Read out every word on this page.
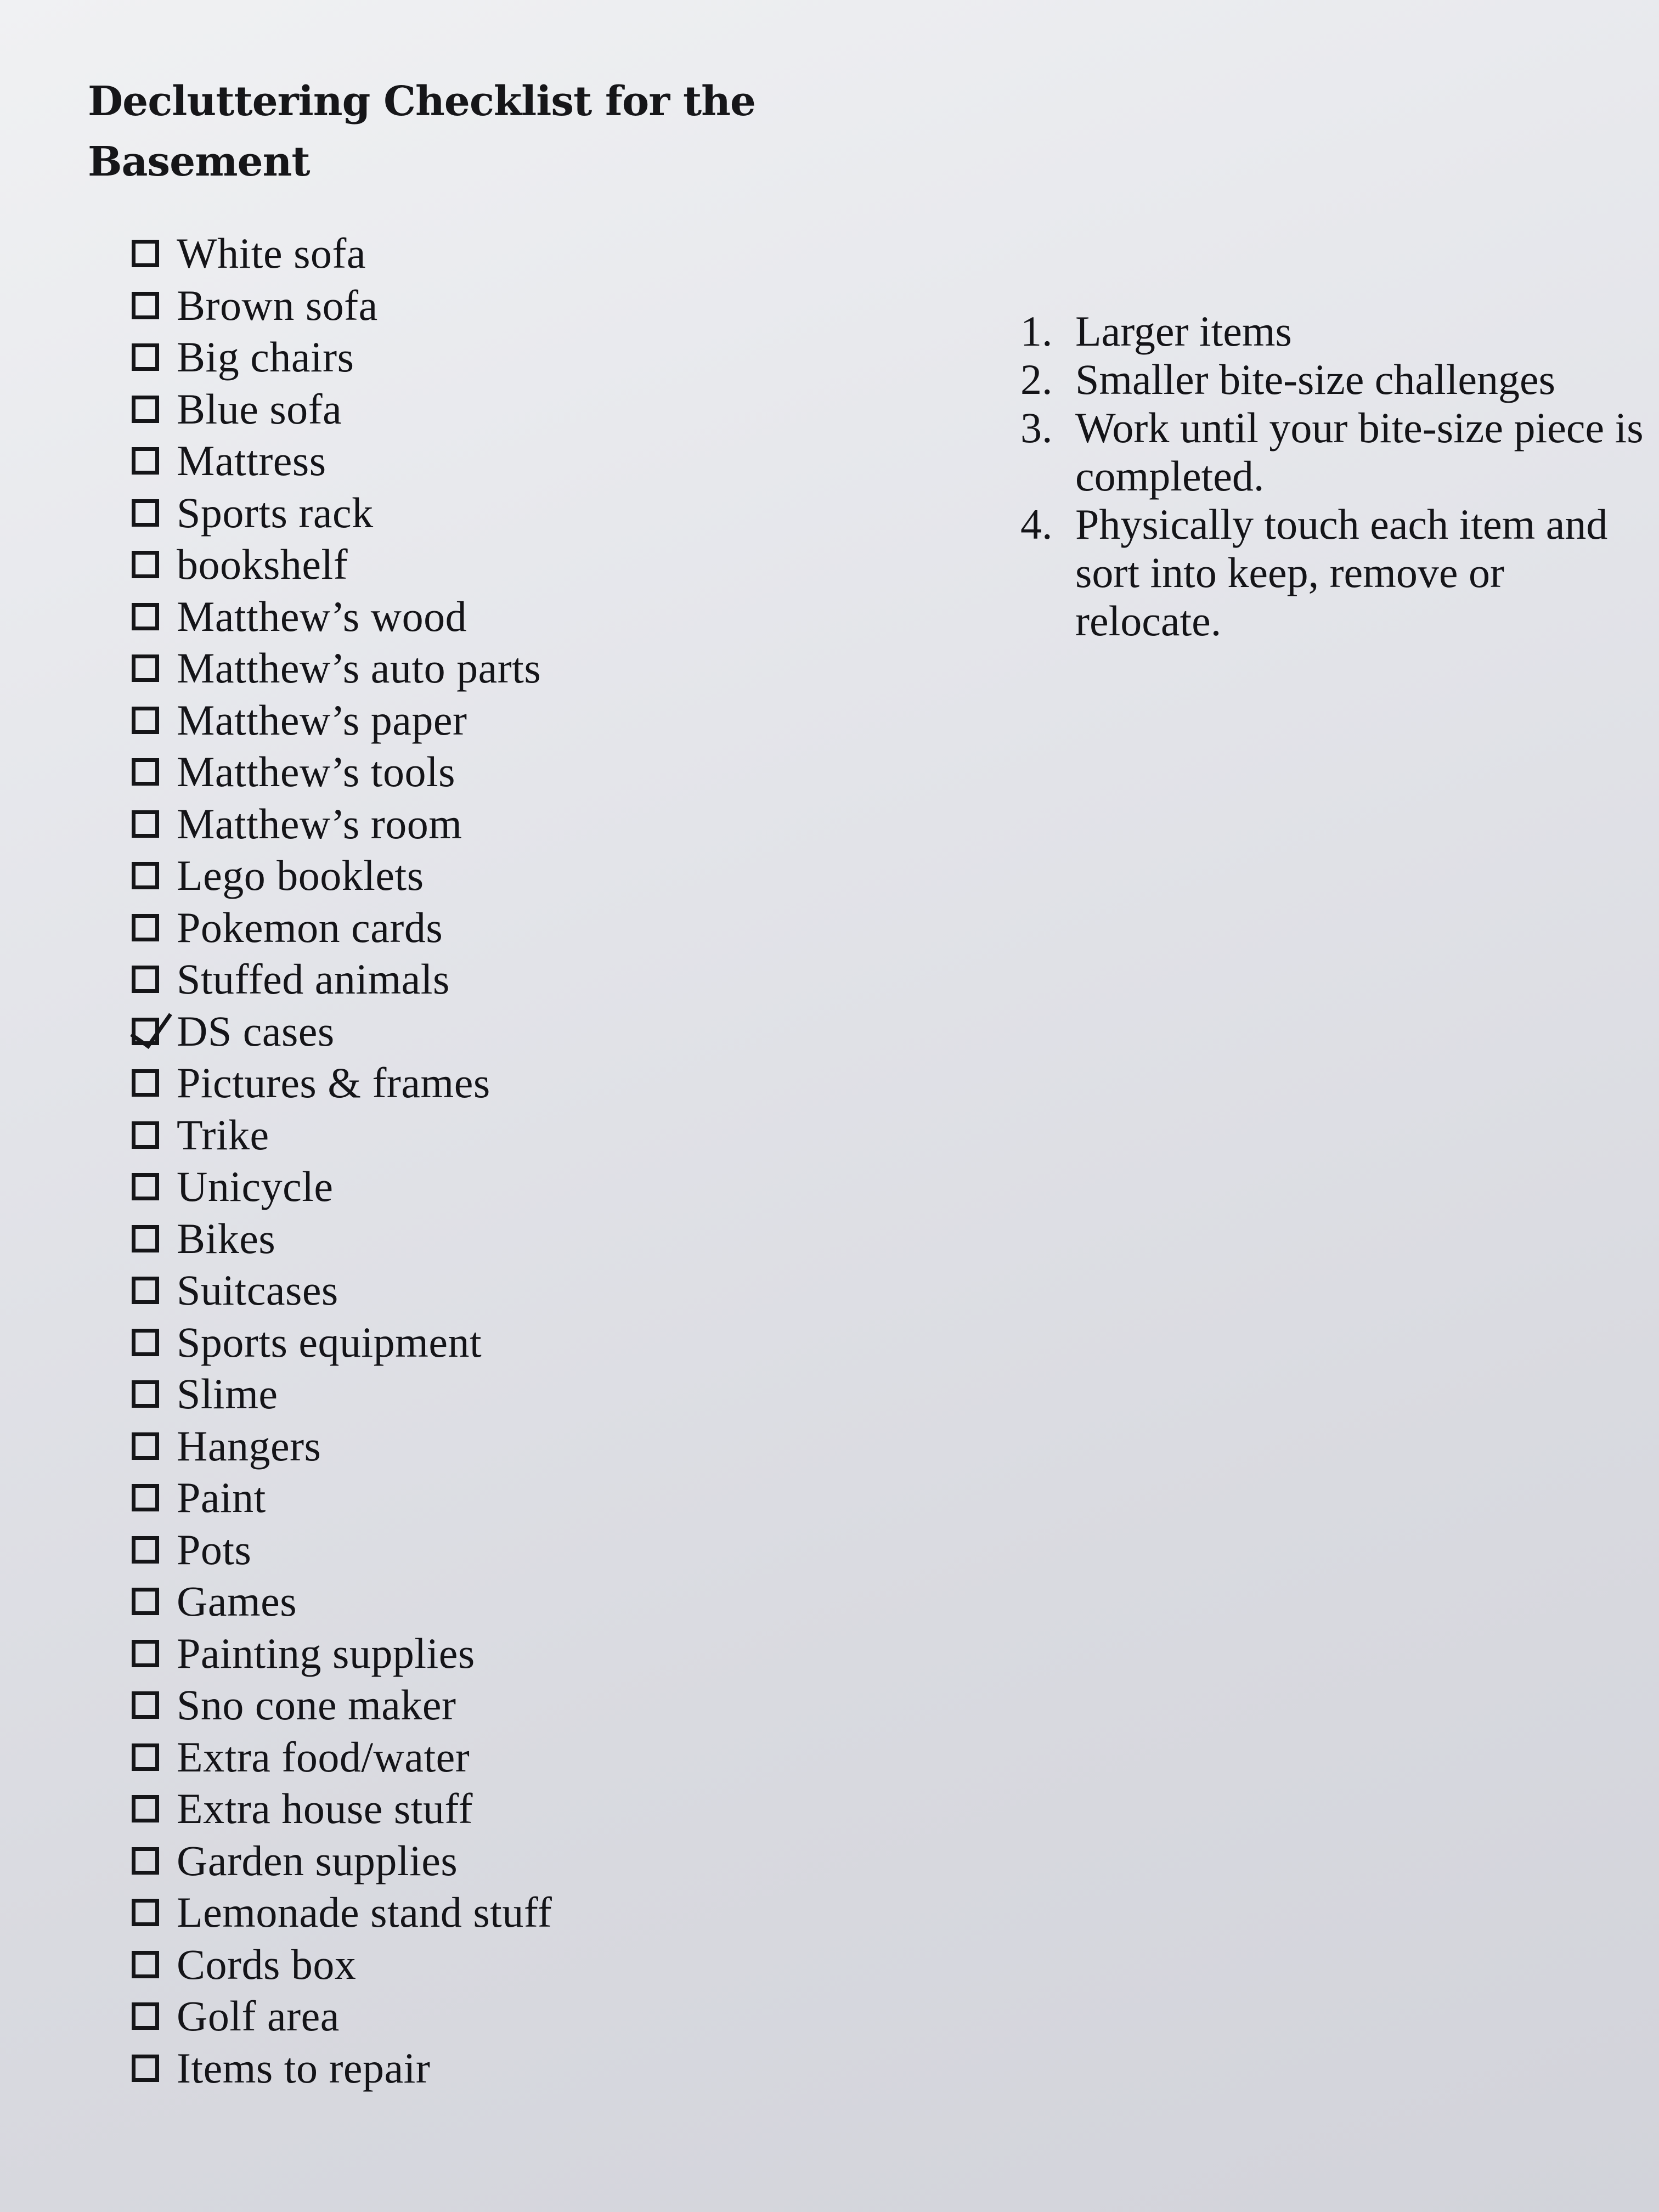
Decluttering Checklist for the Basement
White sofa
Brown sofa
Big chairs
Blue sofa
Mattress
Sports rack
bookshelf
Matthew’s wood
Matthew’s auto parts
Matthew’s paper
Matthew’s tools
Matthew’s room
Lego booklets
Pokemon cards
Stuffed animals
DS cases
Pictures & frames
Trike
Unicycle
Bikes
Suitcases
Sports equipment
Slime
Hangers
Paint
Pots
Games
Painting supplies
Sno cone maker
Extra food/water
Extra house stuff
Garden supplies
Lemonade stand stuff
Cords box
Golf area
Items to repair
1. Larger items
2. Smaller bite-size challenges
3. Work until your bite-size piece is completed.
4. Physically touch each item and sort into keep, remove or relocate.
